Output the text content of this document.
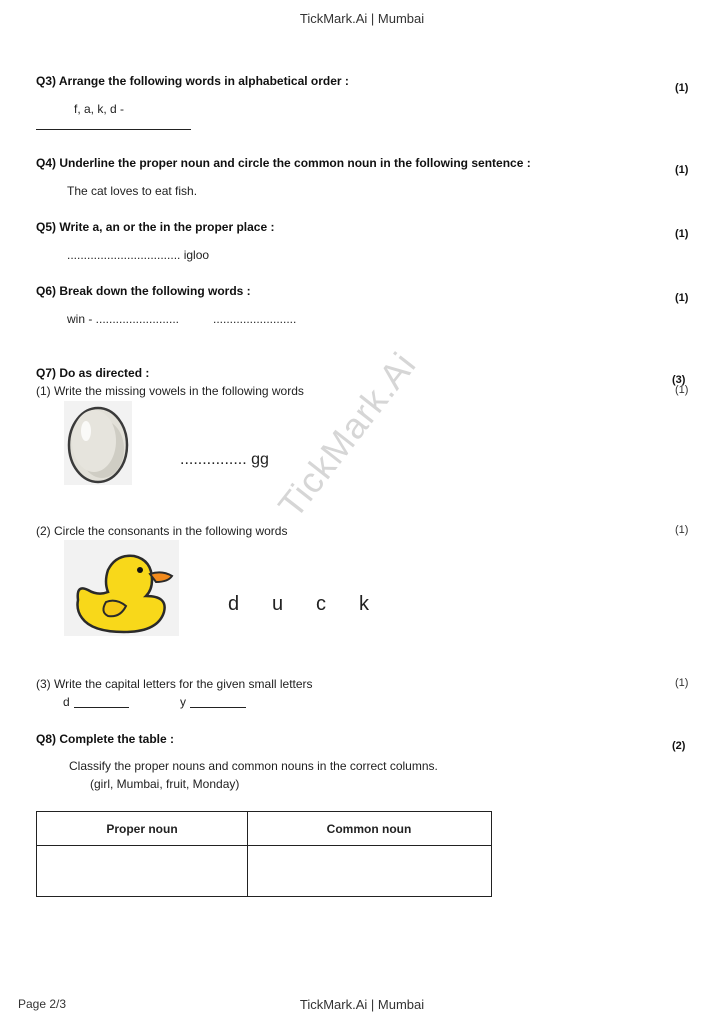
TickMark.Ai | Mumbai
TickMark.Ai
Q3) Arrange the following words in alphabetical order :	(1)
f, a, k, d -
Q4) Underline the proper noun and circle the common noun in the following sentence :	(1)
The cat loves to eat fish.
Q5) Write a, an or the in the proper place :	(1)
.................................. igloo
Q6) Break down the following words :	(1)
win - .........................	.........................
Q7) Do as directed :	(3)
(1) Write the missing vowels in the following words	(1)
............... gg
(2) Circle the consonants in the following words	(1)
d u c k
(3) Write the capital letters for the given small letters	(1)
d	y
Q8) Complete the table :	(2)
Classify the proper nouns and common nouns in the correct columns.
(girl, Mumbai, fruit, Monday)
Proper noun	Common noun
Page 2/3	TickMark.Ai | Mumbai
